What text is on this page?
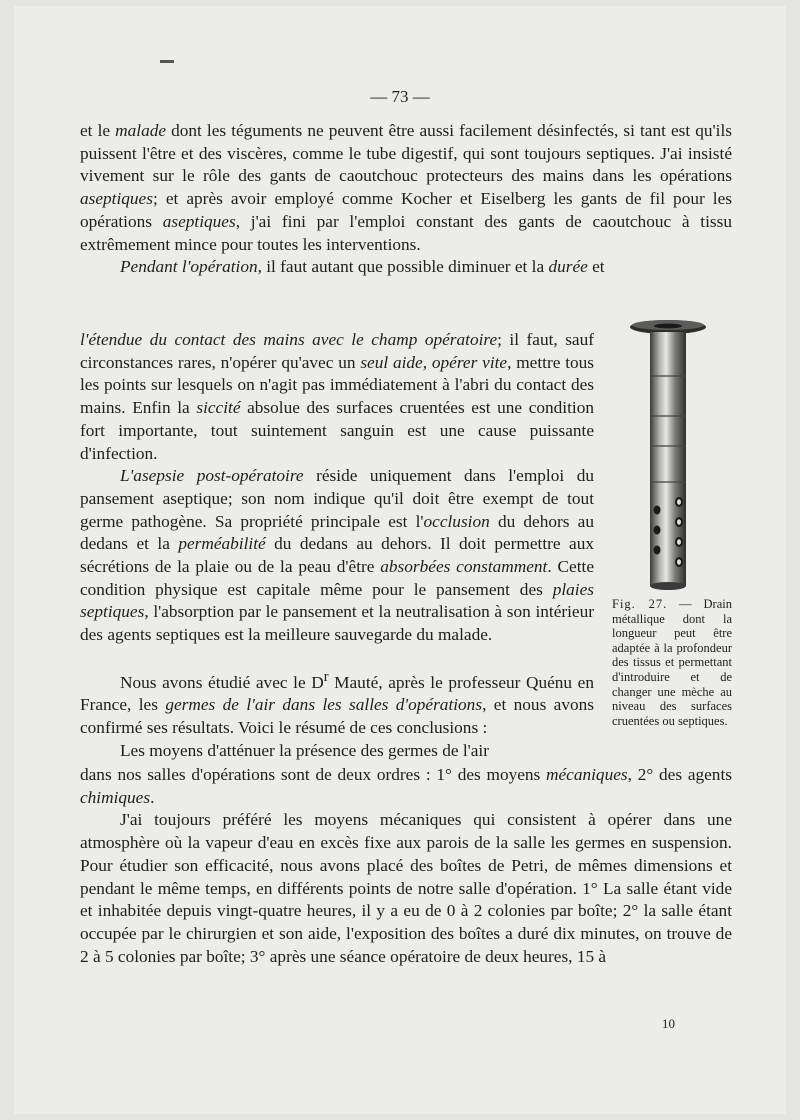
— 73 —

et le malade dont les téguments ne peuvent être aussi facilement désinfectés, si tant est qu'ils puissent l'être et des viscères, comme le tube digestif, qui sont toujours septiques. J'ai insisté vivement sur le rôle des gants de caoutchouc protecteurs des mains dans les opérations aseptiques; et après avoir employé comme Kocher et Eiselberg les gants de fil pour les opérations aseptiques, j'ai fini par l'emploi constant des gants de caoutchouc à tissu extrêmement mince pour toutes les interventions.

Pendant l'opération, il faut autant que possible diminuer et la durée et

l'étendue du contact des mains avec le champ opératoire; il faut, sauf circonstances rares, n'opérer qu'avec un seul aide, opérer vite, mettre tous les points sur lesquels on n'agit pas immédiatement à l'abri du contact des mains. Enfin la siccité absolue des surfaces cruentées est une condition fort importante, tout suintement sanguin est une cause puissante d'infection.

L'asepsie post-opératoire réside uniquement dans l'emploi du pansement aseptique; son nom indique qu'il doit être exempt de tout germe pathogène. Sa propriété principale est l'occlusion du dehors au dedans et la perméabilité du dedans au dehors. Il doit permettre aux sécrétions de la plaie ou de la peau d'être absorbées constamment. Cette condition physique est capitale même pour le pansement des plaies septiques, l'absorption par le pansement et la neutralisation à son intérieur des agents septiques est la meilleure sauvegarde du malade.

Nous avons étudié avec le $D^r$ Mauté, après le professeur Quénu en France, les germes de l'air dans les salles d'opérations, et nous avons confirmé ses résultats. Voici le résumé de ces conclusions :

Les moyens d'atténuer la présence des germes de l'air

dans nos salles d'opérations sont de deux ordres : 1° des moyens mécaniques, 2° des agents chimiques.

J'ai toujours préféré les moyens mécaniques qui consistent à opérer dans une atmosphère où la vapeur d'eau en excès fixe aux parois de la salle les germes en suspension. Pour étudier son efficacité, nous avons placé des boîtes de Petri, de mêmes dimensions et pendant le même temps, en différents points de notre salle d'opération. 1° La salle étant vide et inhabitée depuis vingt-quatre heures, il y a eu de 0 à 2 colonies par boîte; 2° la salle étant occupée par le chirurgien et son aide, l'exposition des boîtes a duré dix minutes, on trouve de 2 à 5 colonies par boîte; 3° après une séance opératoire de deux heures, 15 à

Fig. 27. — Drain métallique dont la longueur peut être adaptée à la profondeur des tissus et permettant d'introduire et de changer une mèche au niveau des surfaces cruentées ou septiques.
10
